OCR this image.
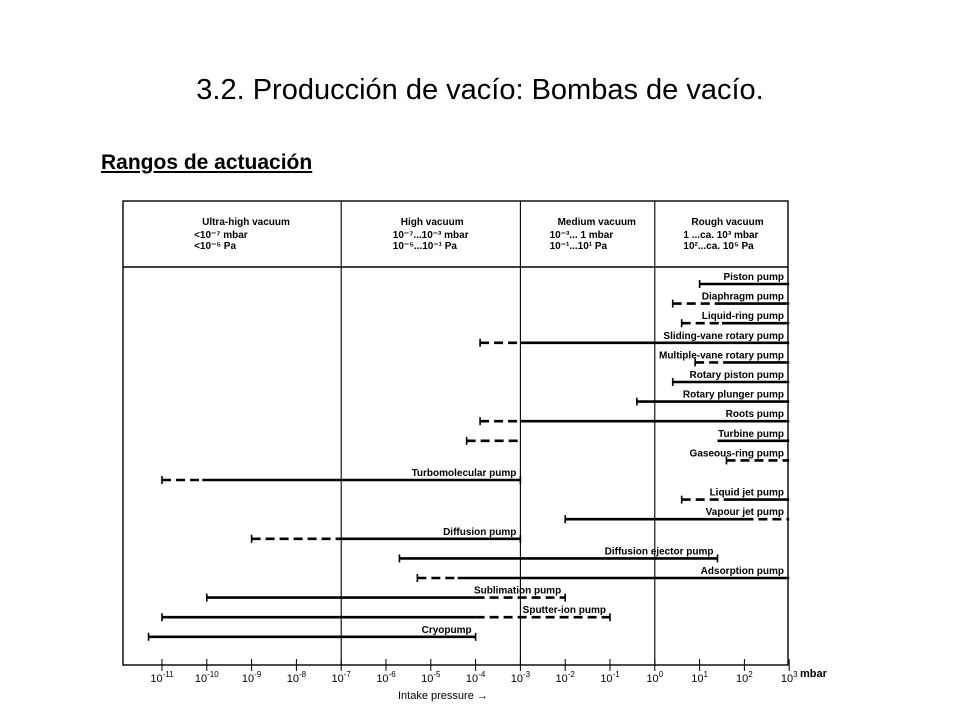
3.2. Producción de vacío: Bombas de vacío.
Rangos de actuación
Ultra-high vacuum
<10⁻⁷ mbar
<10⁻⁵ Pa
High vacuum
10⁻⁷...10⁻³ mbar
10⁻⁵...10⁻¹ Pa
Medium vacuum
10⁻³... 1 mbar
10⁻¹...10¹ Pa
Rough vacuum
1 ...ca. 10³ mbar
10²...ca. 10⁵ Pa
Piston pump
Diaphragm pump
Liquid-ring pump
Sliding-vane rotary pump
Multiple-vane rotary pump
Rotary piston pump
Rotary plunger pump
Roots pump
Turbine pump
Gaseous-ring pump
Turbomolecular pump
Liquid jet pump
Vapour jet pump
Diffusion pump
Diffusion ejector pump
Adsorption pump
Sublimation pump
Sputter-ion pump
Cryopump
$10^{-11}$ $10^{-10}$ $10^{-9}$ $10^{-8}$ $10^{-7}$ $10^{-6}$ $10^{-5}$ $10^{-4}$ $10^{-3}$ $10^{-2}$ $10^{-1}$ $10^0$	$10^1$	$10^2$	$10^3$ mbar
Intake pressure →
